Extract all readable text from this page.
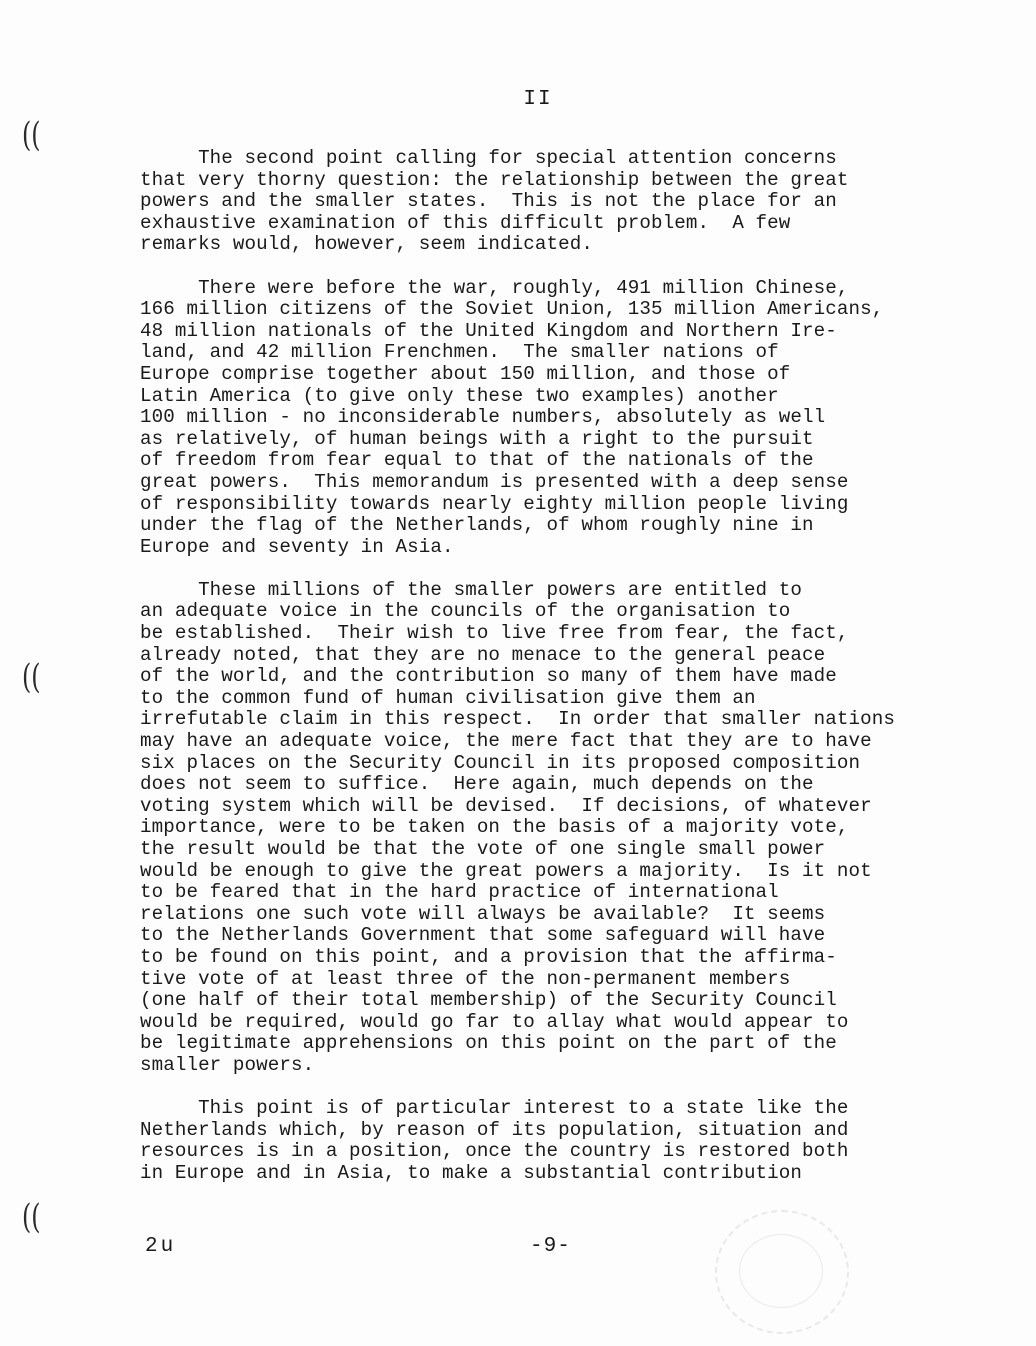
((
((
((
II
The second point calling for special attention concerns
that very thorny question: the relationship between the great
powers and the smaller states.  This is not the place for an
exhaustive examination of this difficult problem.  A few
remarks would, however, seem indicated.
There were before the war, roughly, 491 million Chinese,
166 million citizens of the Soviet Union, 135 million Americans,
48 million nationals of the United Kingdom and Northern Ire-
land, and 42 million Frenchmen.  The smaller nations of
Europe comprise together about 150 million, and those of
Latin America (to give only these two examples) another
100 million - no inconsiderable numbers, absolutely as well
as relatively, of human beings with a right to the pursuit
of freedom from fear equal to that of the nationals of the
great powers.  This memorandum is presented with a deep sense
of responsibility towards nearly eighty million people living
under the flag of the Netherlands, of whom roughly nine in
Europe and seventy in Asia.
These millions of the smaller powers are entitled to
an adequate voice in the councils of the organisation to
be established.  Their wish to live free from fear, the fact,
already noted, that they are no menace to the general peace
of the world, and the contribution so many of them have made
to the common fund of human civilisation give them an
irrefutable claim in this respect.  In order that smaller nations
may have an adequate voice, the mere fact that they are to have
six places on the Security Council in its proposed composition
does not seem to suffice.  Here again, much depends on the
voting system which will be devised.  If decisions, of whatever
importance, were to be taken on the basis of a majority vote,
the result would be that the vote of one single small power
would be enough to give the great powers a majority.  Is it not
to be feared that in the hard practice of international
relations one such vote will always be available?  It seems
to the Netherlands Government that some safeguard will have
to be found on this point, and a provision that the affirma-
tive vote of at least three of the non-permanent members
(one half of their total membership) of the Security Council
would be required, would go far to allay what would appear to
be legitimate apprehensions on this point on the part of the
smaller powers.
This point is of particular interest to a state like the
Netherlands which, by reason of its population, situation and
resources is in a position, once the country is restored both
in Europe and in Asia, to make a substantial contribution
2u	-9-
